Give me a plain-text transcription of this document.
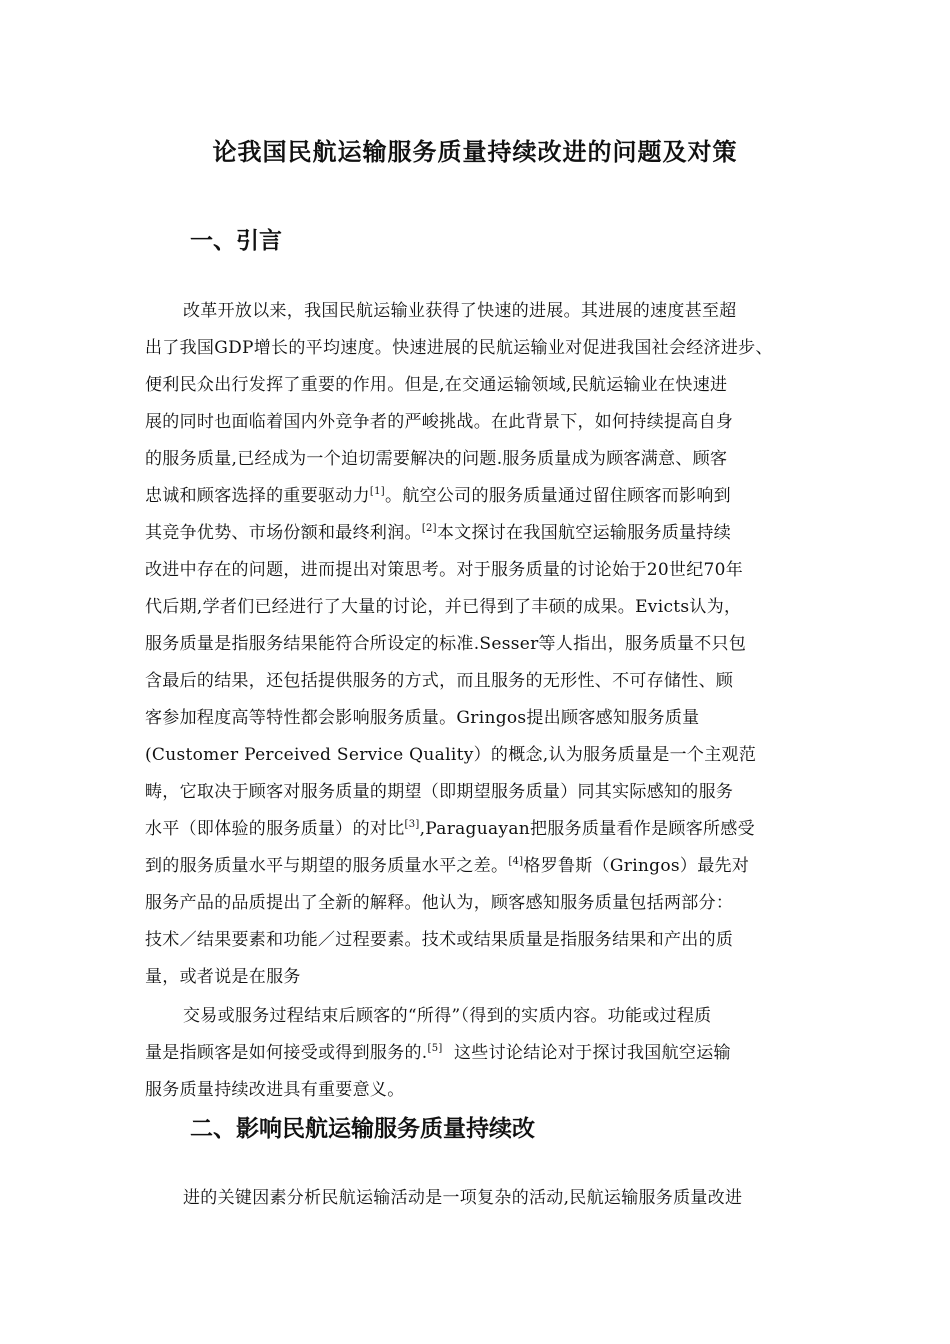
论我国民航运输服务质量持续改进的问题及对策
一、引言
改革开放以来，我国民航运输业获得了快速的进展。其进展的速度甚至超
出了我国GDP增长的平均速度。快速进展的民航运输业对促进我国社会经济进步、
便利民众出行发挥了重要的作用。但是,在交通运输领域,民航运输业在快速进
展的同时也面临着国内外竞争者的严峻挑战。在此背景下，如何持续提高自身
的服务质量,已经成为一个迫切需要解决的问题.服务质量成为顾客满意、顾客
忠诚和顾客选择的重要驱动力[1]。航空公司的服务质量通过留住顾客而影响到
其竞争优势、市场份额和最终利润。[2]本文探讨在我国航空运输服务质量持续
改进中存在的问题，进而提出对策思考。对于服务质量的讨论始于20世纪70年
代后期,学者们已经进行了大量的讨论，并已得到了丰硕的成果。Evicts认为，
服务质量是指服务结果能符合所设定的标准.Sesser等人指出，服务质量不只包
含最后的结果，还包括提供服务的方式，而且服务的无形性、不可存储性、顾
客参加程度高等特性都会影响服务质量。Gringos提出顾客感知服务质量
(Customer Perceived Service Quality）的概念,认为服务质量是一个主观范
畴，它取决于顾客对服务质量的期望（即期望服务质量）同其实际感知的服务
水平（即体验的服务质量）的对比[3],Paraguayan把服务质量看作是顾客所感受
到的服务质量水平与期望的服务质量水平之差。[4]格罗鲁斯（Gringos）最先对
服务产品的品质提出了全新的解释。他认为，顾客感知服务质量包括两部分：
技术／结果要素和功能／过程要素。技术或结果质量是指服务结果和产出的质
量，或者说是在服务
交易或服务过程结束后顾客的“所得”（得到的实质内容。功能或过程质
量是指顾客是如何接受或得到服务的.[5]  这些讨论结论对于探讨我国航空运输
服务质量持续改进具有重要意义。
二、影响民航运输服务质量持续改
进的关键因素分析民航运输活动是一项复杂的活动,民航运输服务质量改进
